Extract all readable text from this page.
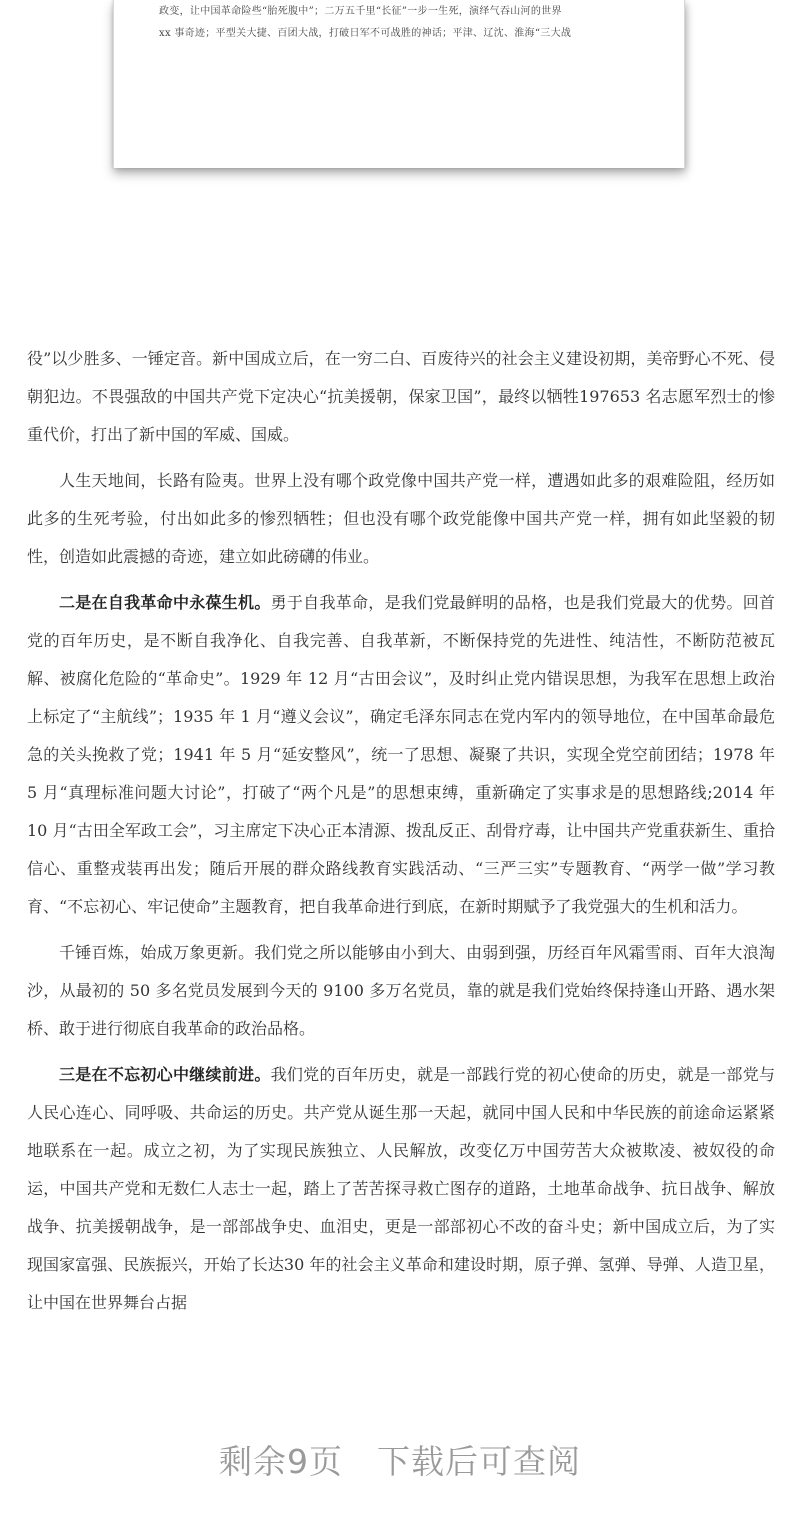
政变，让中国革命险些“胎死腹中”；二万五千里“长征”一步一生死，演绎气吞山河的世界
xx 事奇迹；平型关大捷、百团大战，打破日军不可战胜的神话；平津、辽沈、淮海“三大战

役”以少胜多、一锤定音。新中国成立后，在一穷二白、百废待兴的社会主义建设初期，美帝野心不死、侵朝犯边。不畏强敌的中国共产党下定决心“抗美援朝，保家卫国”，最终以牺牲197653 名志愿军烈士的惨重代价，打出了新中国的军威、国威。

人生天地间，长路有险夷。世界上没有哪个政党像中国共产党一样，遭遇如此多的艰难险阻，经历如此多的生死考验，付出如此多的惨烈牺牲；但也没有哪个政党能像中国共产党一样，拥有如此坚毅的韧性，创造如此震撼的奇迹，建立如此磅礴的伟业。

二是在自我革命中永葆生机。勇于自我革命，是我们党最鲜明的品格，也是我们党最大的优势。回首党的百年历史，是不断自我净化、自我完善、自我革新，不断保持党的先进性、纯洁性，不断防范被瓦解、被腐化危险的“革命史”。1929 年 12 月“古田会议”，及时纠止党内错误思想，为我军在思想上政治上标定了“主航线”；1935 年 1 月“遵义会议”，确定毛泽东同志在党内军内的领导地位，在中国革命最危急的关头挽救了党；1941 年 5 月“延安整风”，统一了思想、凝聚了共识，实现全党空前团结；1978 年 5 月“真理标准问题大讨论”，打破了“两个凡是”的思想束缚，重新确定了实事求是的思想路线;2014 年 10 月“古田全军政工会”，习主席定下决心正本清源、拨乱反正、刮骨疗毒，让中国共产党重获新生、重拾信心、重整戎装再出发；随后开展的群众路线教育实践活动、“三严三实”专题教育、“两学一做”学习教育、“不忘初心、牢记使命”主题教育，把自我革命进行到底，在新时期赋予了我党强大的生机和活力。

千锤百炼，始成万象更新。我们党之所以能够由小到大、由弱到强，历经百年风霜雪雨、百年大浪淘沙，从最初的 50 多名党员发展到今天的 9100 多万名党员，靠的就是我们党始终保持逢山开路、遇水架桥、敢于进行彻底自我革命的政治品格。

三是在不忘初心中继续前进。我们党的百年历史，就是一部践行党的初心使命的历史，就是一部党与人民心连心、同呼吸、共命运的历史。共产党从诞生那一天起，就同中国人民和中华民族的前途命运紧紧地联系在一起。成立之初，为了实现民族独立、人民解放，改变亿万中国劳苦大众被欺凌、被奴役的命运，中国共产党和无数仁人志士一起，踏上了苦苦探寻救亡图存的道路，土地革命战争、抗日战争、解放战争、抗美援朝战争，是一部部战争史、血泪史，更是一部部初心不改的奋斗史；新中国成立后，为了实现国家富强、民族振兴，开始了长达30 年的社会主义革命和建设时期，原子弹、氢弹、导弹、人造卫星，让中国在世界舞台占据

剩余9页 下载后可查阅
